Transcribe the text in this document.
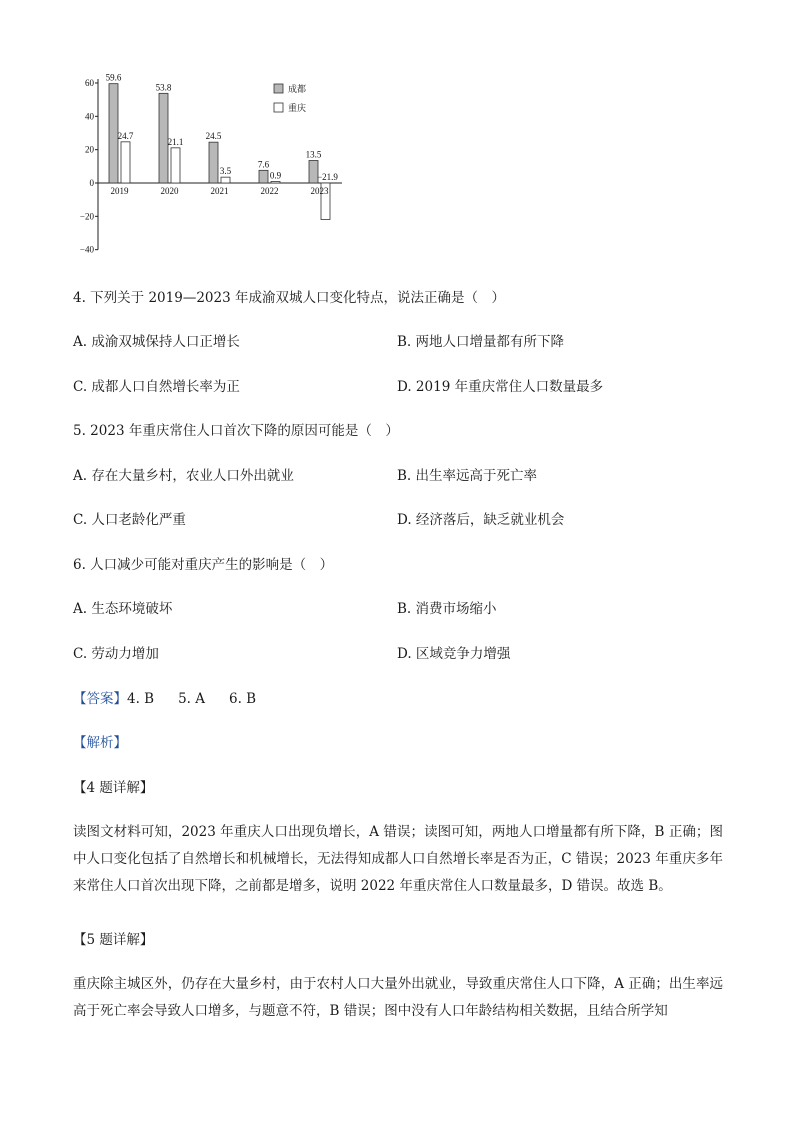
60
40
20
0
−20
−40
59.6
24.7
2019
53.8
21.1
2020
24.5
3.5
2021
7.6
0.9
2022
13.5
−21.9
2023
成都
重庆
4. 下列关于 2019—2023 年成渝双城人口变化特点，说法正确是（　）
A. 成渝双城保持人口正增长	B. 两地人口增量都有所下降
C. 成都人口自然增长率为正	D. 2019 年重庆常住人口数量最多
5. 2023 年重庆常住人口首次下降的原因可能是（　）
A. 存在大量乡村，农业人口外出就业	B. 出生率远高于死亡率
C. 人口老龄化严重	D. 经济落后，缺乏就业机会
6. 人口减少可能对重庆产生的影响是（　）
A. 生态环境破坏	B. 消费市场缩小
C. 劳动力增加	D. 区域竞争力增强
【答案】4. B 5. A 6. B
【解析】
【4 题详解】
读图文材料可知，2023 年重庆人口出现负增长，A 错误；读图可知，两地人口增量都有所下降，B 正确；图中人口变化包括了自然增长和机械增长，无法得知成都人口自然增长率是否为正，C 错误；2023 年重庆多年来常住人口首次出现下降，之前都是增多，说明 2022 年重庆常住人口数量最多，D 错误。故选 B。
【5 题详解】
重庆除主城区外，仍存在大量乡村，由于农村人口大量外出就业，导致重庆常住人口下降，A 正确；出生率远高于死亡率会导致人口增多，与题意不符，B 错误；图中没有人口年龄结构相关数据，且结合所学知
